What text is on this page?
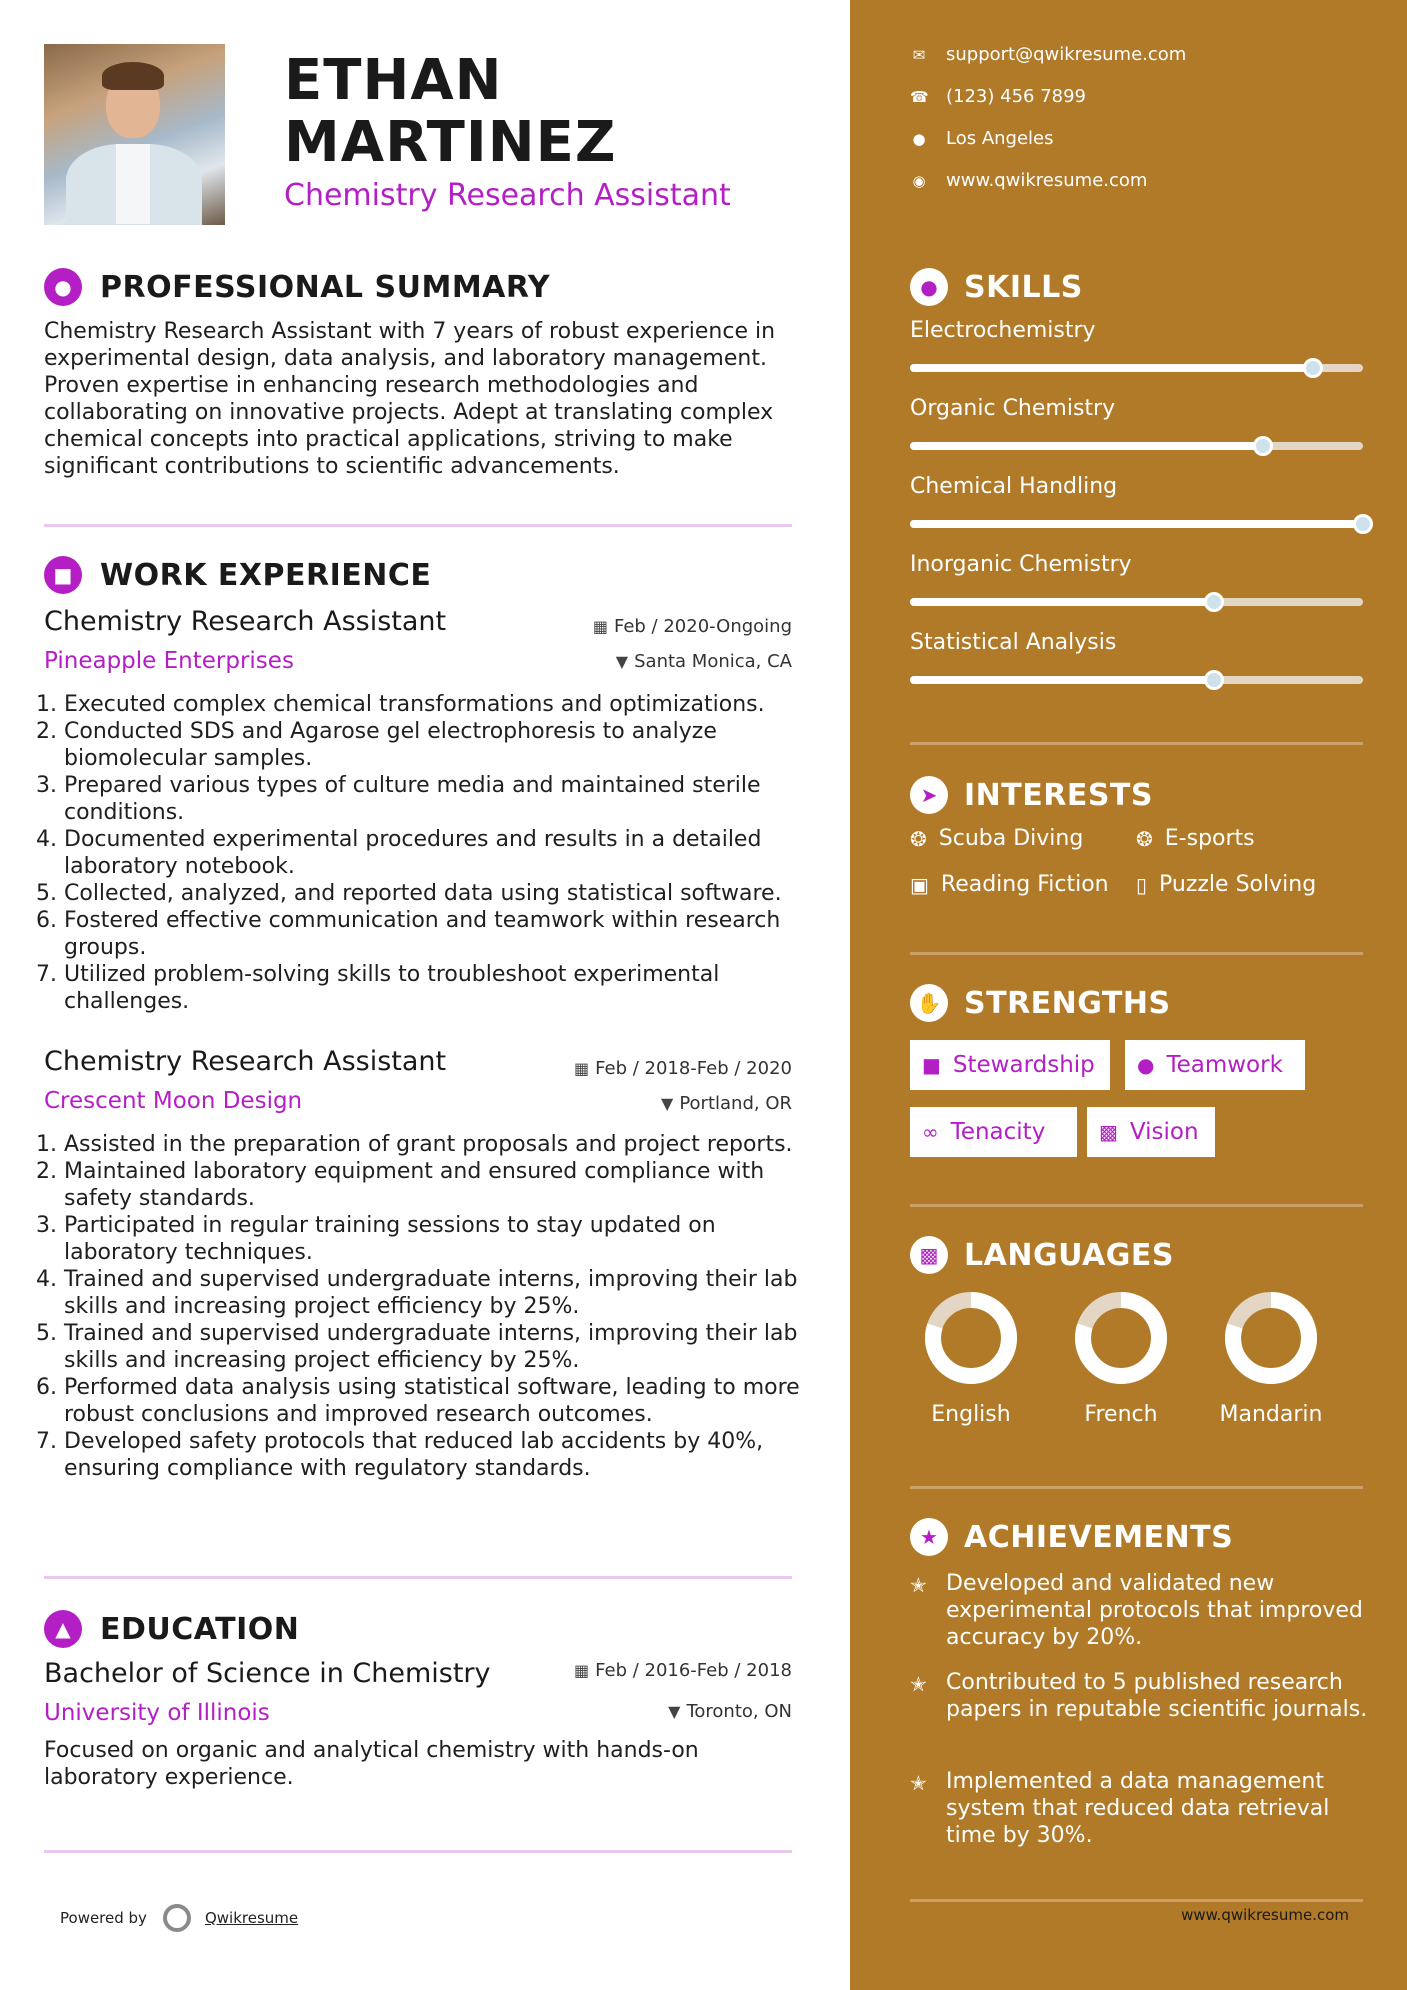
ETHAN
MARTINEZ
Chemistry Research Assistant
● PROFESSIONAL SUMMARY
Chemistry Research Assistant with 7 years of robust experience in
experimental design, data analysis, and laboratory management.
Proven expertise in enhancing research methodologies and
collaborating on innovative projects. Adept at translating complex
chemical concepts into practical applications, striving to make
significant contributions to scientific advancements.
■ WORK EXPERIENCE
Chemistry Research Assistant	▦ Feb / 2020-Ongoing
Pineapple Enterprises	▼ Santa Monica, CA
1. Executed complex chemical transformations and optimizations.
2. Conducted SDS and Agarose gel electrophoresis to analyze biomolecular samples.
3. Prepared various types of culture media and maintained sterile conditions.
4. Documented experimental procedures and results in a detailed laboratory notebook.
5. Collected, analyzed, and reported data using statistical software.
6. Fostered effective communication and teamwork within research groups.
7. Utilized problem-solving skills to troubleshoot experimental challenges.
Chemistry Research Assistant	▦ Feb / 2018-Feb / 2020
Crescent Moon Design	▼ Portland, OR
1. Assisted in the preparation of grant proposals and project reports.
2. Maintained laboratory equipment and ensured compliance with safety standards.
3. Participated in regular training sessions to stay updated on laboratory techniques.
4. Trained and supervised undergraduate interns, improving their lab skills and increasing project efficiency by 25%.
5. Trained and supervised undergraduate interns, improving their lab skills and increasing project efficiency by 25%.
6. Performed data analysis using statistical software, leading to more robust conclusions and improved research outcomes.
7. Developed safety protocols that reduced lab accidents by 40%, ensuring compliance with regulatory standards.
▲ EDUCATION
Bachelor of Science in Chemistry	▦ Feb / 2016-Feb / 2018
University of Illinois	▼ Toronto, ON
Focused on organic and analytical chemistry with hands-on
laboratory experience.
Powered by	Qwikresume
✉ support@qwikresume.com
☎ (123) 456 7899
● Los Angeles
◉ www.qwikresume.com
● SKILLS
Electrochemistry
Organic Chemistry
Chemical Handling
Inorganic Chemistry
Statistical Analysis
➤ INTERESTS
❂ Scuba Diving	❂ E-sports
▣ Reading Fiction ▯ Puzzle Solving
✋ STRENGTHS
■ Stewardship ● Teamwork
∞ Tenacity	▩ Vision
▩ LANGUAGES
English	French	Mandarin
★ ACHIEVEMENTS
✭ Developed and validated new experimental protocols that improved accuracy by 20%.
✭ Contributed to 5 published research papers in reputable scientific journals.
✭ Implemented a data management system that reduced data retrieval time by 30%.
www.qwikresume.com
